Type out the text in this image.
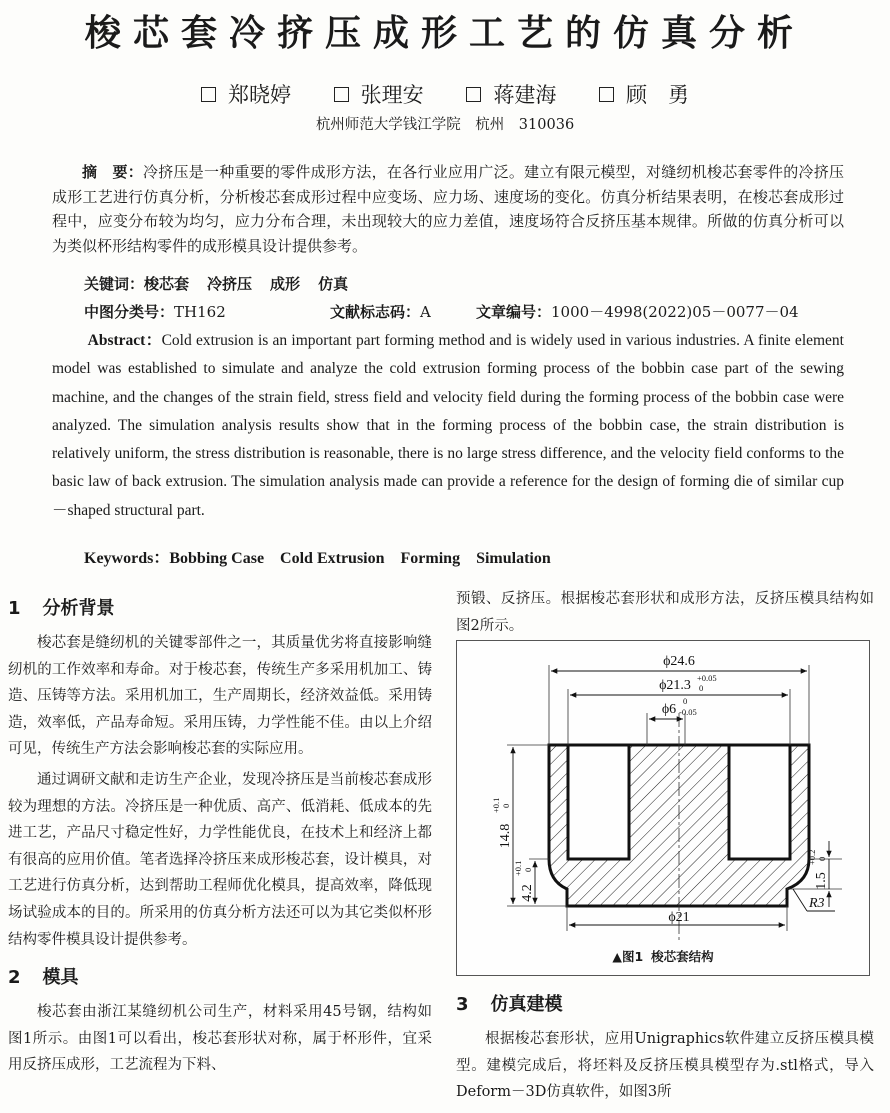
梭芯套冷挤压成形工艺的仿真分析
郑晓婷	张理安	蒋建海	顾　勇
杭州师范大学钱江学院　杭州　310036

摘　要：冷挤压是一种重要的零件成形方法，在各行业应用广泛。建立有限元模型，对缝纫机梭芯套零件的冷挤压成形工艺进行仿真分析，分析梭芯套成形过程中应变场、应力场、速度场的变化。仿真分析结果表明，在梭芯套成形过程中，应变分布较为均匀，应力分布合理，未出现较大的应力差值，速度场符合反挤压基本规律。所做的仿真分析可以为类似杯形结构零件的成形模具设计提供参考。

关键词：梭芯套 冷挤压 成形 仿真
中图分类号：TH162	文献标志码：A	文章编号：1000－4998(2022)05－0077－04

Abstract：Cold extrusion is an important part forming method and is widely used in various industries. A finite element model was established to simulate and analyze the cold extrusion forming process of the bobbin case part of the sewing machine, and the changes of the strain field, stress field and velocity field during the forming process of the bobbin case were analyzed. The simulation analysis results show that in the forming process of the bobbin case, the strain distribution is relatively uniform, the stress distribution is reasonable, there is no large stress difference, and the velocity field conforms to the basic law of back extrusion. The simulation analysis made can provide a reference for the design of forming die of similar cup－shaped structural part.

Keywords：Bobbing Case Cold Extrusion Forming Simulation
1 分析背景

梭芯套是缝纫机的关键零部件之一，其质量优劣将直接影响缝纫机的工作效率和寿命。对于梭芯套，传统生产多采用机加工、铸造、压铸等方法。采用机加工，生产周期长，经济效益低。采用铸造，效率低，产品寿命短。采用压铸，力学性能不佳。由以上介绍可见，传统生产方法会影响梭芯套的实际应用。

通过调研文献和走访生产企业，发现冷挤压是当前梭芯套成形较为理想的方法。冷挤压是一种优质、高产、低消耗、低成本的先进工艺，产品尺寸稳定性好，力学性能优良，在技术上和经济上都有很高的应用价值。笔者选择冷挤压来成形梭芯套，设计模具，对工艺进行仿真分析，达到帮助工程师优化模具，提高效率，降低现场试验成本的目的。所采用的仿真分析方法还可以为其它类似杯形结构零件模具设计提供参考。

2 模具

梭芯套由浙江某缝纫机公司生产，材料采用45号钢，结构如图1所示。由图1可以看出，梭芯套形状对称，属于杯形件，宜采用反挤压成形，工艺流程为下料、

预锻、反挤压。根据梭芯套形状和成形方法，反挤压模具结构如图2所示。

ϕ24.6
ϕ21.3 +0.05
0
ϕ6
0
-0.05
ϕ21
14.8
+0.1 0
4.2
+0.1 0
1.5
+0.2 0
R3
▲图1 梭芯套结构
3 仿真建模

根据梭芯套形状，应用Unigraphics软件建立反挤压模具模型。建模完成后，将坯料及反挤压模具模型存为.stl格式，导入Deform－3D仿真软件，如图3所
